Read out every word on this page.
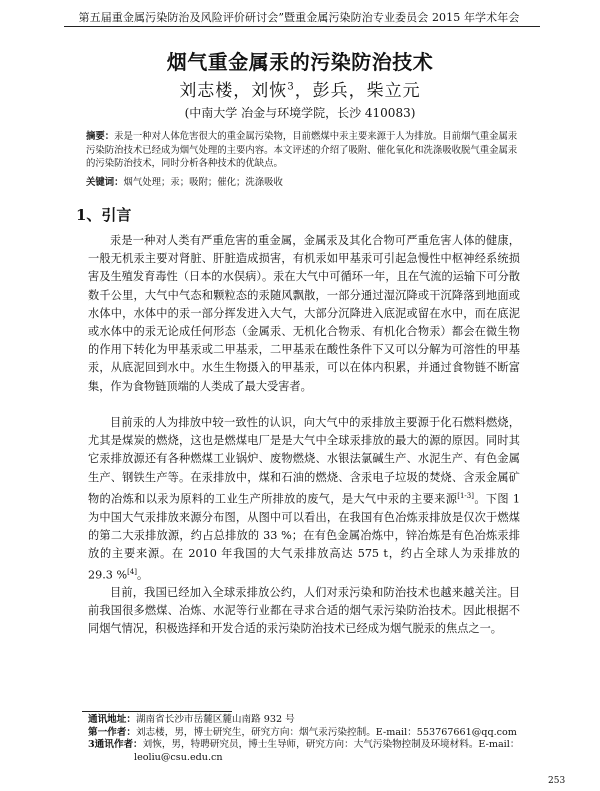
第五届重金属污染防治及风险评价研讨会”暨重金属污染防治专业委员会 2015 年学术年会
烟气重金属汞的污染防治技术
刘志楼，刘恢$^3$，彭兵，柴立元
(中南大学 冶金与环境学院，长沙 410083)
摘要：汞是一种对人体危害很大的重金属污染物，目前燃煤中汞主要来源于人为排放。目前烟气重金属汞污染防治技术已经成为烟气处理的主要内容。本文评述的介绍了吸附、催化氧化和洗涤吸收脱气重金属汞的污染防治技术，同时分析各种技术的优缺点。
关键词：烟气处理；汞；吸附；催化；洗涤吸收
1、引言
汞是一种对人类有严重危害的重金属，金属汞及其化合物可严重危害人体的健康，一般无机汞主要对肾脏、肝脏造成损害，有机汞如甲基汞可引起急慢性中枢神经系统损害及生殖发育毒性（日本的水俣病）。汞在大气中可循环一年，且在气流的运输下可分散数千公里，大气中气态和颗粒态的汞随风飘散，一部分通过湿沉降或干沉降落到地面或水体中，水体中的汞一部分挥发进入大气，大部分沉降进入底泥或留在水中，而在底泥或水体中的汞无论成任何形态（金属汞、无机化合物汞、有机化合物汞）都会在微生物的作用下转化为甲基汞或二甲基汞，二甲基汞在酸性条件下又可以分解为可溶性的甲基汞，从底泥回到水中。水生生物摄入的甲基汞，可以在体内积累，并通过食物链不断富集，作为食物链顶端的人类成了最大受害者。
目前汞的人为排放中较一致性的认识，向大气中的汞排放主要源于化石燃料燃烧，尤其是煤炭的燃烧，这也是燃煤电厂是是大气中全球汞排放的最大的源的原因。同时其它汞排放源还有各种燃煤工业锅炉、废物燃烧、水银法氯碱生产、水泥生产、有色金属生产、钢铁生产等。在汞排放中，煤和石油的燃烧、含汞电子垃圾的焚烧、含汞金属矿物的冶炼和以汞为原料的工业生产所排放的废气，是大气中汞的主要来源[1-3]。下图 1 为中国大气汞排放来源分布图，从图中可以看出，在我国有色冶炼汞排放是仅次于燃煤的第二大汞排放源，约占总排放的 33 %；在有色金属冶炼中，锌冶炼是有色冶炼汞排放的主要来源。在 2010 年我国的大气汞排放高达 575 t，约占全球人为汞排放的 29.3 %[4]。
目前，我国已经加入全球汞排放公约，人们对汞污染和防治技术也越来越关注。目前我国很多燃煤、冶炼、水泥等行业都在寻求合适的烟气汞污染防治技术。因此根据不同烟气情况，积极选择和开发合适的汞污染防治技术已经成为烟气脱汞的焦点之一。
通讯地址：湖南省长沙市岳麓区麓山南路 932 号
第一作者：刘志楼，男，博士研究生，研究方向：烟气汞污染控制。E-mail：553767661@qq.com
3通讯作者：刘恢，男，特聘研究员，博士生导师，研究方向：大气污染物控制及环境材料。E-mail：
leoliu@csu.edu.cn
253
